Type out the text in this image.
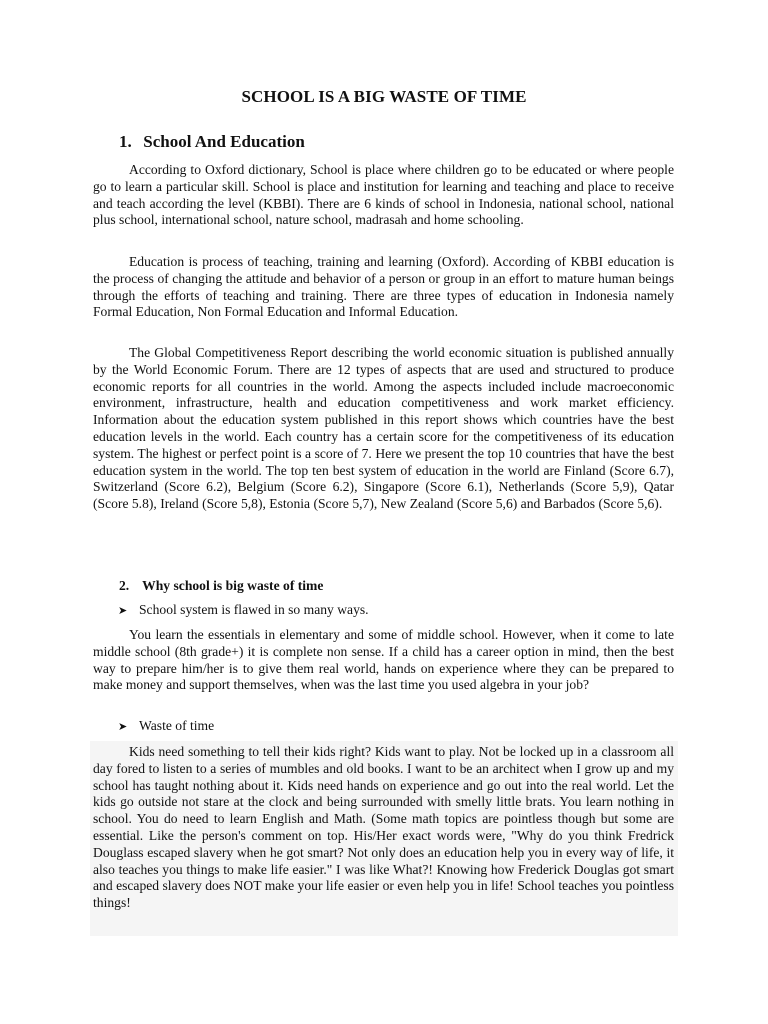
SCHOOL IS A BIG WASTE OF TIME
1. School And Education

According to Oxford dictionary, School is place where children go to be educated or where people go to learn a particular skill. School is place and institution for learning and teaching and place to receive and teach according the level (KBBI). There are 6 kinds of school in Indonesia, national school, national plus school, international school, nature school, madrasah and home schooling.

Education is process of teaching, training and learning (Oxford). According of KBBI education is the process of changing the attitude and behavior of a person or group in an effort to mature human beings through the efforts of teaching and training. There are three types of education in Indonesia namely Formal Education, Non Formal Education and Informal Education.

The Global Competitiveness Report describing the world economic situation is published annually by the World Economic Forum. There are 12 types of aspects that are used and structured to produce economic reports for all countries in the world. Among the aspects included include macroeconomic environment, infrastructure, health and education competitiveness and work market efficiency. Information about the education system published in this report shows which countries have the best education levels in the world. Each country has a certain score for the competitiveness of its education system. The highest or perfect point is a score of 7. Here we present the top 10 countries that have the best education system in the world. The top ten best system of education in the world are Finland (Score 6.7), Switzerland (Score 6.2), Belgium (Score 6.2), Singapore (Score 6.1), Netherlands (Score 5,9), Qatar (Score 5.8), Ireland (Score 5,8), Estonia (Score 5,7), New Zealand (Score 5,6) and Barbados (Score 5,6).

2. Why school is big waste of time
➤ School system is flawed in so many ways.

You learn the essentials in elementary and some of middle school. However, when it come to late middle school (8th grade+) it is complete non sense. If a child has a career option in mind, then the best way to prepare him/her is to give them real world, hands on experience where they can be prepared to make money and support themselves, when was the last time you used algebra in your job?

➤ Waste of time

Kids need something to tell their kids right? Kids want to play. Not be locked up in a classroom all day fored to listen to a series of mumbles and old books. I want to be an architect when I grow up and my school has taught nothing about it. Kids need hands on experience and go out into the real world. Let the kids go outside not stare at the clock and being surrounded with smelly little brats. You learn nothing in school. You do need to learn English and Math. (Some math topics are pointless though but some are essential. Like the person's comment on top. His/Her exact words were, "Why do you think Fredrick Douglass escaped slavery when he got smart? Not only does an education help you in every way of life, it also teaches you things to make life easier." I was like What?! Knowing how Frederick Douglas got smart and escaped slavery does NOT make your life easier or even help you in life! School teaches you pointless things!
